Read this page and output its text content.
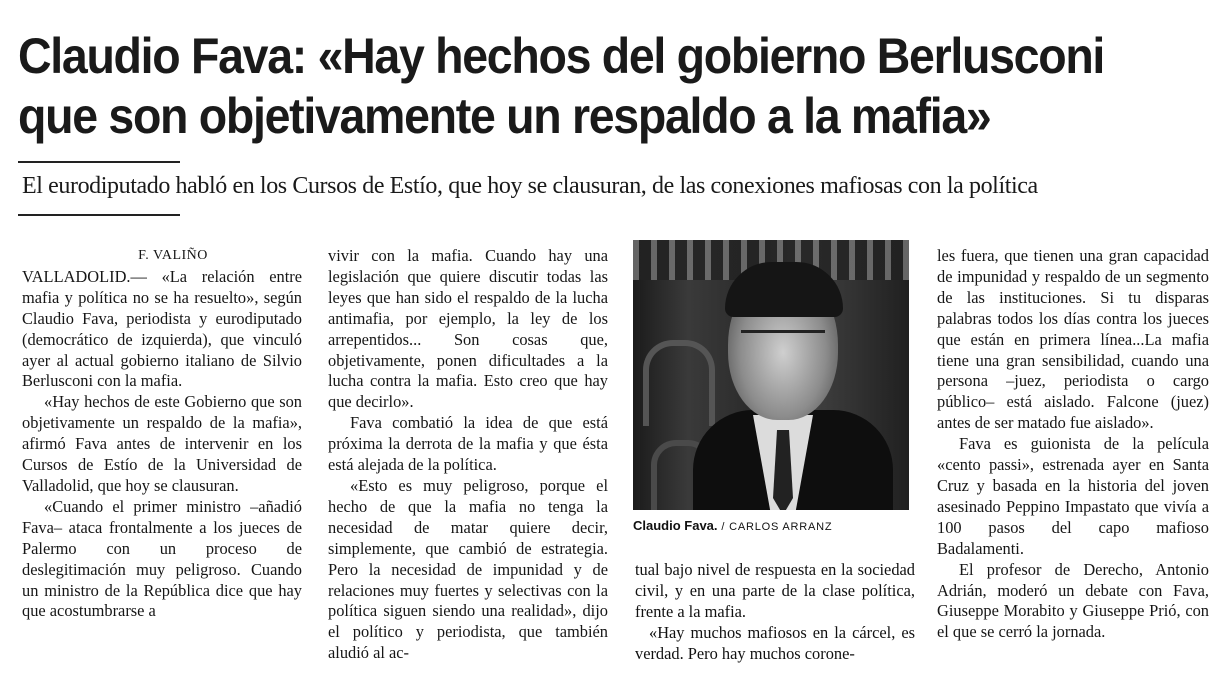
Claudio Fava: «Hay hechos del gobierno Berlusconi
que son objetivamente un respaldo a la mafia»
El eurodiputado habló en los Cursos de Estío, que hoy se clausuran, de las conexiones mafiosas con la política

F. VALIÑO

VALLADOLID.— «La relación entre mafia y política no se ha resuelto», según Claudio Fava, periodista y eurodiputado (democrático de izquierda), que vinculó ayer al actual gobierno italiano de Silvio Berlusconi con la mafia.

«Hay hechos de este Gobierno que son objetivamente un respaldo de la mafia», afirmó Fava antes de intervenir en los Cursos de Estío de la Universidad de Valladolid, que hoy se clausuran.

«Cuando el primer ministro –añadió Fava– ataca frontalmente a los jueces de Palermo con un proceso de deslegitimación muy peligroso. Cuando un ministro de la República dice que hay que acostumbrarse a

vivir con la mafia. Cuando hay una legislación que quiere discutir todas las leyes que han sido el respaldo de la lucha antimafia, por ejemplo, la ley de los arrepentidos... Son cosas que, objetivamente, ponen dificultades a la lucha contra la mafia. Esto creo que hay que decirlo».

Fava combatió la idea de que está próxima la derrota de la mafia y que ésta está alejada de la política.

«Esto es muy peligroso, porque el hecho de que la mafia no tenga la necesidad de matar quiere decir, simplemente, que cambió de estrategia. Pero la necesidad de impunidad y de relaciones muy fuertes y selectivas con la política siguen siendo una realidad», dijo el político y periodista, que también aludió al ac-

Claudio Fava. / CARLOS ARRANZ

tual bajo nivel de respuesta en la sociedad civil, y en una parte de la clase política, frente a la mafia.

«Hay muchos mafiosos en la cárcel, es verdad. Pero hay muchos corone-

les fuera, que tienen una gran capacidad de impunidad y respaldo de un segmento de las instituciones. Si tu disparas palabras todos los días contra los jueces que están en primera línea...La mafia tiene una gran sensibilidad, cuando una persona –juez, periodista o cargo público– está aislado. Falcone (juez) antes de ser matado fue aislado».

Fava es guionista de la película «cento passi», estrenada ayer en Santa Cruz y basada en la historia del joven asesinado Peppino Impastato que vivía a 100 pasos del capo mafioso Badalamenti.

El profesor de Derecho, Antonio Adrián, moderó un debate con Fava, Giuseppe Morabito y Giuseppe Prió, con el que se cerró la jornada.
